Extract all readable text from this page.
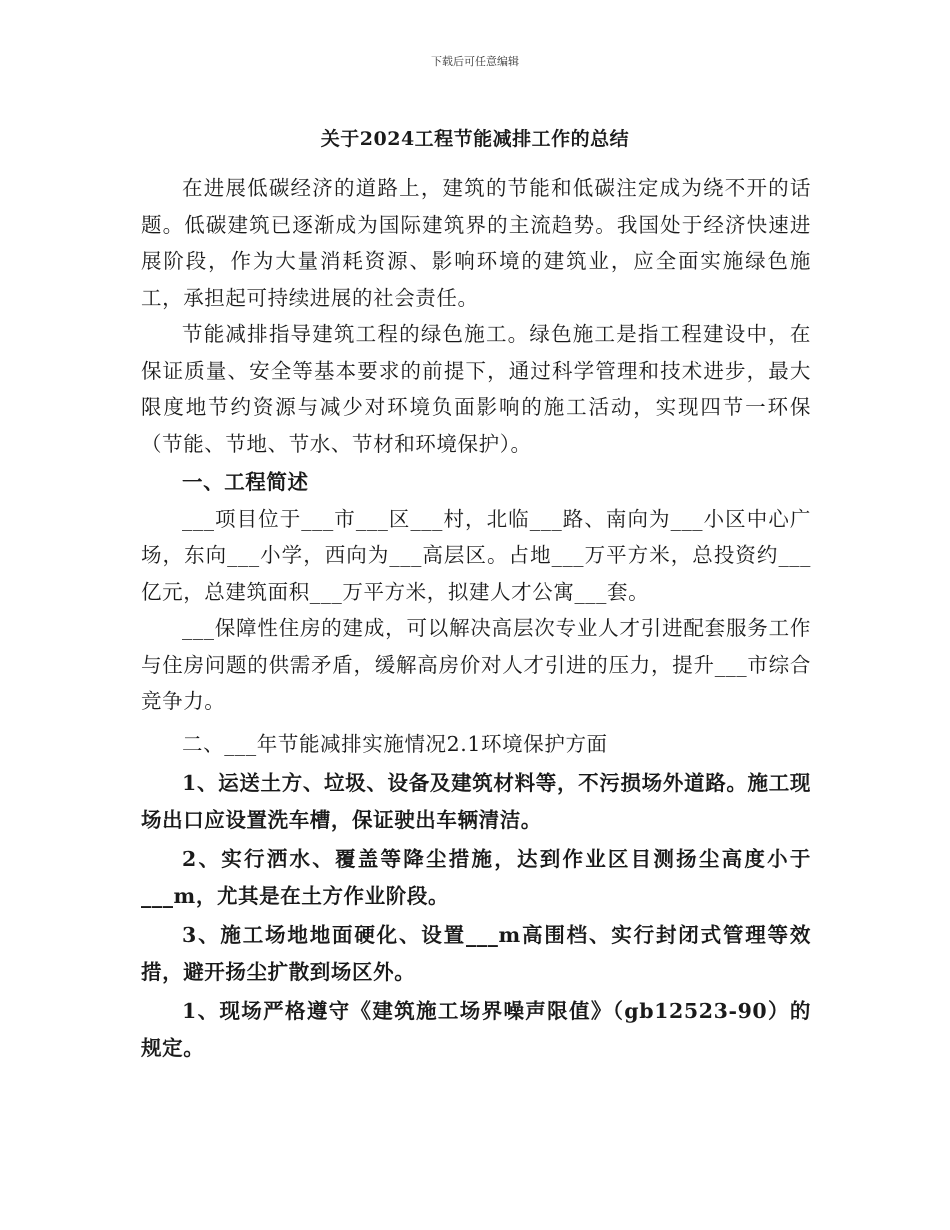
下载后可任意编辑
关于2024工程节能减排工作的总结

在进展低碳经济的道路上，建筑的节能和低碳注定成为绕不开的话题。低碳建筑已逐渐成为国际建筑界的主流趋势。我国处于经济快速进展阶段，作为大量消耗资源、影响环境的建筑业，应全面实施绿色施工，承担起可持续进展的社会责任。

节能减排指导建筑工程的绿色施工。绿色施工是指工程建设中，在保证质量、安全等基本要求的前提下，通过科学管理和技术进步，最大限度地节约资源与减少对环境负面影响的施工活动，实现四节一环保（节能、节地、节水、节材和环境保护）。

一、工程简述

___项目位于___市___区___村，北临___路、南向为___小区中心广场，东向___小学，西向为___高层区。占地___万平方米，总投资约___亿元，总建筑面积___万平方米，拟建人才公寓___套。

___保障性住房的建成，可以解决高层次专业人才引进配套服务工作与住房问题的供需矛盾，缓解高房价对人才引进的压力，提升___市综合竞争力。

二、___年节能减排实施情况2.1环境保护方面

1、运送土方、垃圾、设备及建筑材料等，不污损场外道路。施工现场出口应设置洗车槽，保证驶出车辆清洁。

2、实行洒水、覆盖等降尘措施，达到作业区目测扬尘高度小于___m，尤其是在土方作业阶段。

3、施工场地地面硬化、设置___m高围档、实行封闭式管理等效措，避开扬尘扩散到场区外。

1、现场严格遵守《建筑施工场界噪声限值》（gb12523-90）的规定。
